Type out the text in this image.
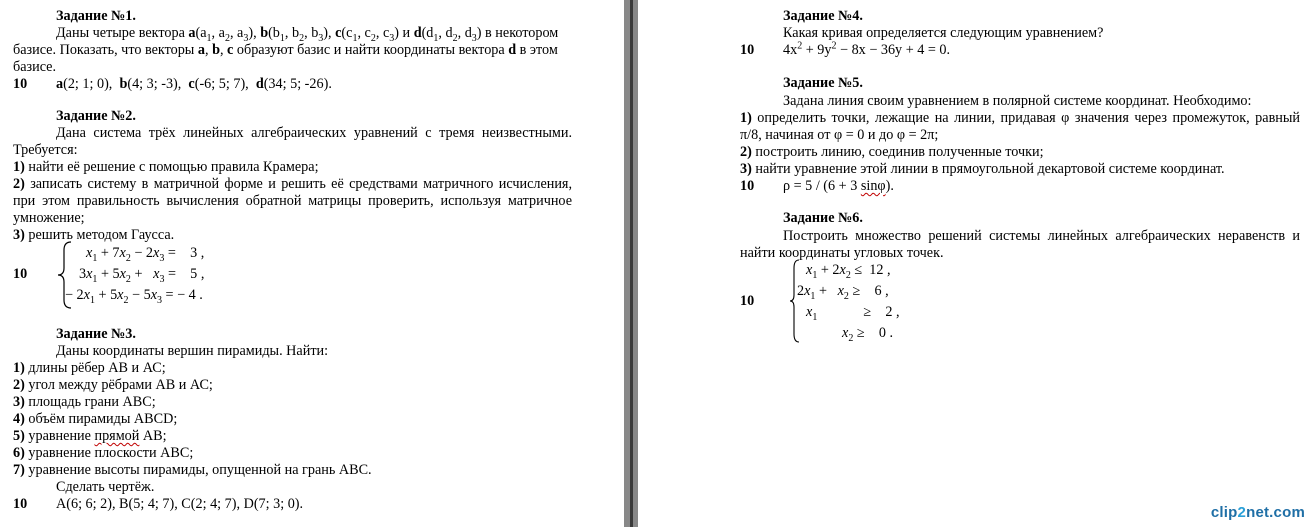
Задание №1.
Даны четыре вектора $a(a_1$, $a_2$, $a_3$), $b(b_1$, $b_2$, $b_3$), $c(c_1$, $c_2$, $c_3$) и $d(d_1$, $d_2$, $d_3$) в некотором
базисе. Показать, что векторы a, b, c образуют базис и найти координаты вектора d в этом
базисе.
10 a(2; 1; 0),  b(4; 3; -3),  c(-6; 5; 7),  d(34; 5; -26).
Задание №2.
Дана система трёх линейных алгебраических уравнений с тремя неизвестными.
Требуется:
1) найти её решение с помощью правила Крамера;
2) записать систему в матричной форме и решить её средствами матричного исчисления,
при этом правильность вычисления обратной матрицы проверить, используя матричное
умножение;
3) решить методом Гаусса.
10
$x_1 + 7x_2 - 2x_3$ =    3 ,
$3x_1 + 5x_2 + x_3$ =    5 ,
− $2x_1 + 5x_2 - 5x_3$ = − 4 .
Задание №3.
Даны координаты вершин пирамиды. Найти:
1) длины рёбер АВ и АС;
2) угол между рёбрами АВ и АС;
3) площадь грани АВС;
4) объём пирамиды ABCD;
5) уравнение прямой АВ;
6) уравнение плоскости АВС;
7) уравнение высоты пирамиды, опущенной на грань АВС.
Сделать чертёж.
10 A(6; 6; 2), B(5; 4; 7), C(2; 4; 7), D(7; 3; 0).
Задание №4.
Какая кривая определяется следующим уравнением?
10 $4x^2 + 9y^2 - 8x - 36y + 4 = 0$.
Задание №5.
Задана линия своим уравнением в полярной системе координат. Необходимо:
1) определить точки, лежащие на линии, придавая φ значения через промежуток, равный
π/8, начиная от φ = 0 и до φ = 2π;
2) построить линию, соединив полученные точки;
3) найти уравнение этой линии в прямоугольной декартовой системе координат.
10 ρ = 5 / (6 + 3 sinφ).
Задание №6.
Построить множество решений системы линейных алгебраических неравенств и
найти координаты угловых точек.
10
$x_1 + 2x_2 \le 12$ ,
$2x_1 + x_2$ ≥    6 ,
$x_1$             ≥    2 ,
$x_2$ ≥    0 .
clip2net.com
